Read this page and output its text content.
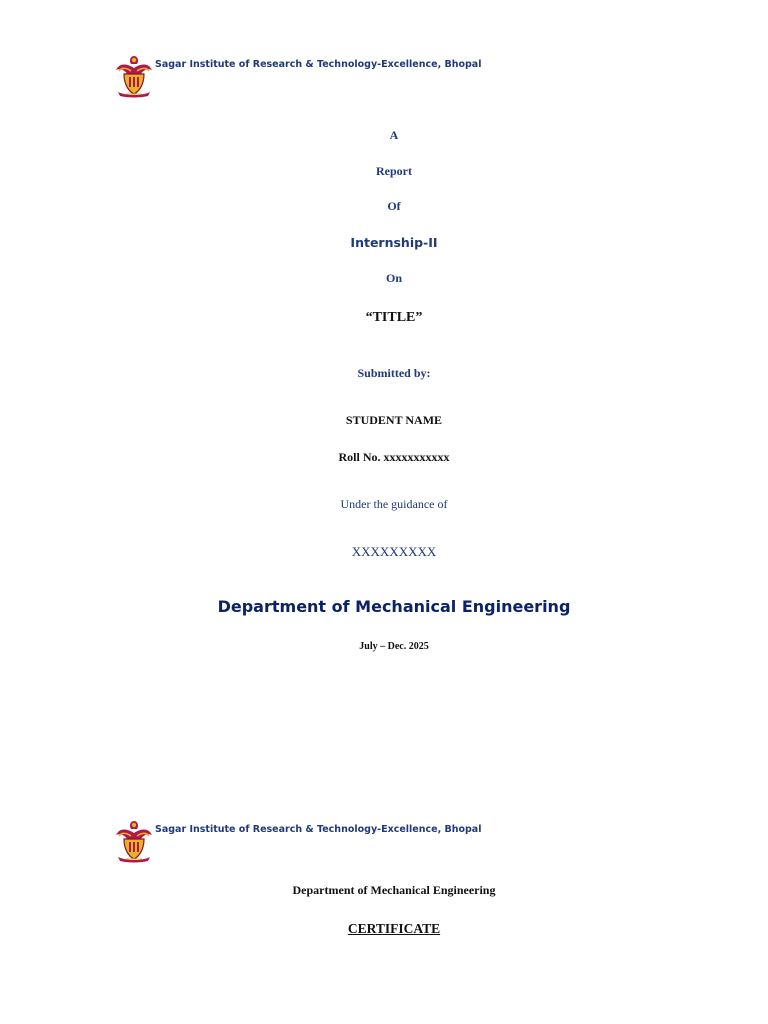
Sagar Institute of Research & Technology-Excellence, Bhopal
A
Report
Of
Internship-II
On
“TITLE”
Submitted by:
STUDENT NAME
Roll No. xxxxxxxxxxx
Under the guidance of
XXXXXXXXX
Department of Mechanical Engineering
July – Dec. 2025
Sagar Institute of Research & Technology-Excellence, Bhopal
Department of Mechanical Engineering
CERTIFICATE
